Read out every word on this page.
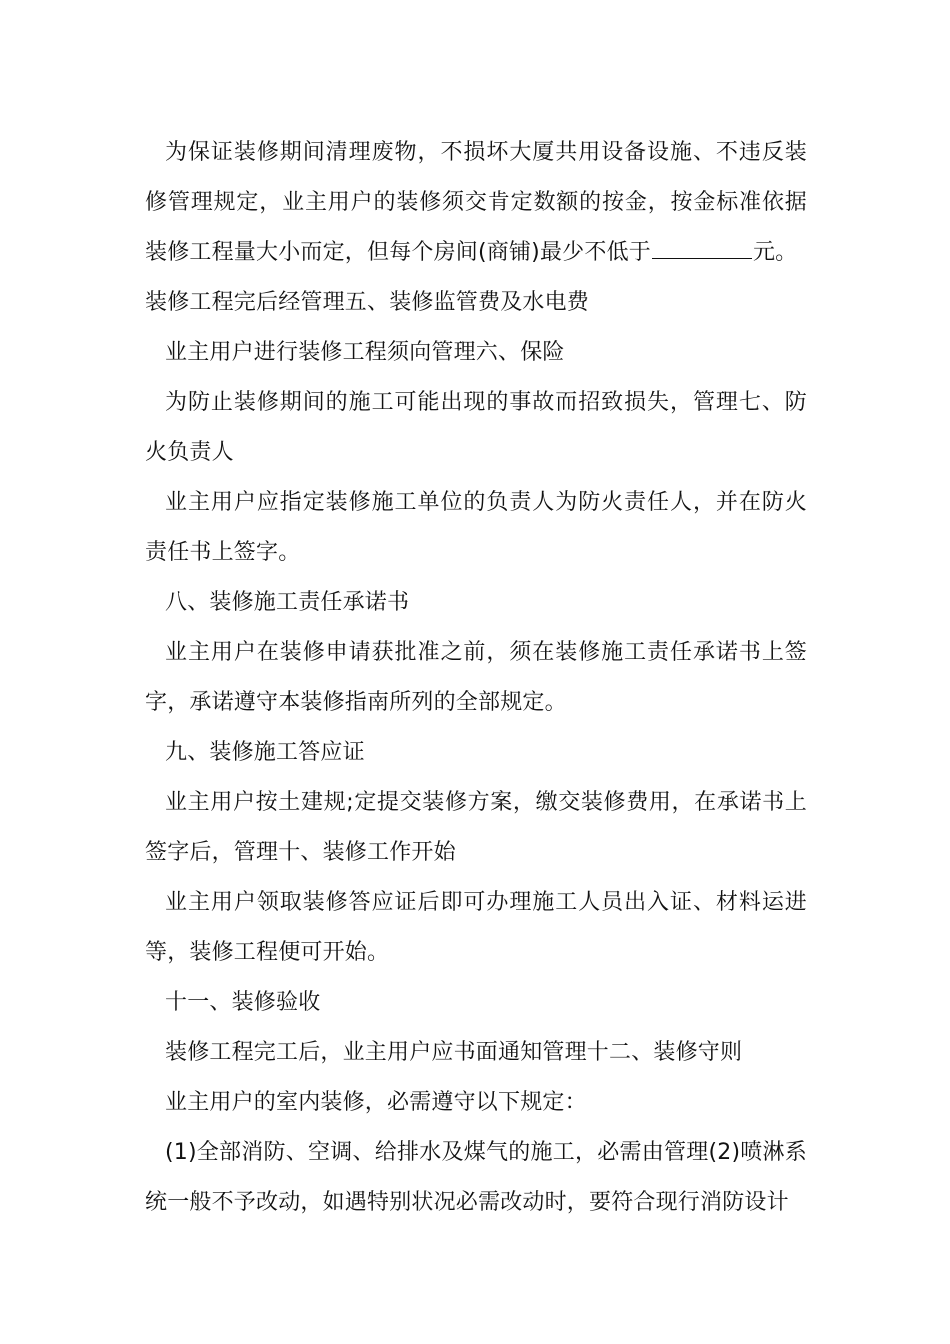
为保证装修期间清理废物，不损坏大厦共用设备设施、不违反装修管理规定，业主用户的装修须交肯定数额的按金，按金标准依据装修工程量大小而定，但每个房间(商铺)最少不低于	元。

装修工程完后经管理五、装修监管费及水电费

业主用户进行装修工程须向管理六、保险

为防止装修期间的施工可能出现的事故而招致损失，管理七、防火负责人

业主用户应指定装修施工单位的负责人为防火责任人，并在防火责任书上签字。

八、装修施工责任承诺书

业主用户在装修申请获批准之前，须在装修施工责任承诺书上签字，承诺遵守本装修指南所列的全部规定。

九、装修施工答应证

业主用户按土建规;定提交装修方案，缴交装修费用，在承诺书上签字后，管理十、装修工作开始

业主用户领取装修答应证后即可办理施工人员出入证、材料运进等，装修工程便可开始。

十一、装修验收

装修工程完工后，业主用户应书面通知管理十二、装修守则

业主用户的室内装修，必需遵守以下规定：

(1)全部消防、空调、给排水及煤气的施工，必需由管理(2)喷淋系统一般不予改动，如遇特别状况必需改动时，要符合现行消防设计
